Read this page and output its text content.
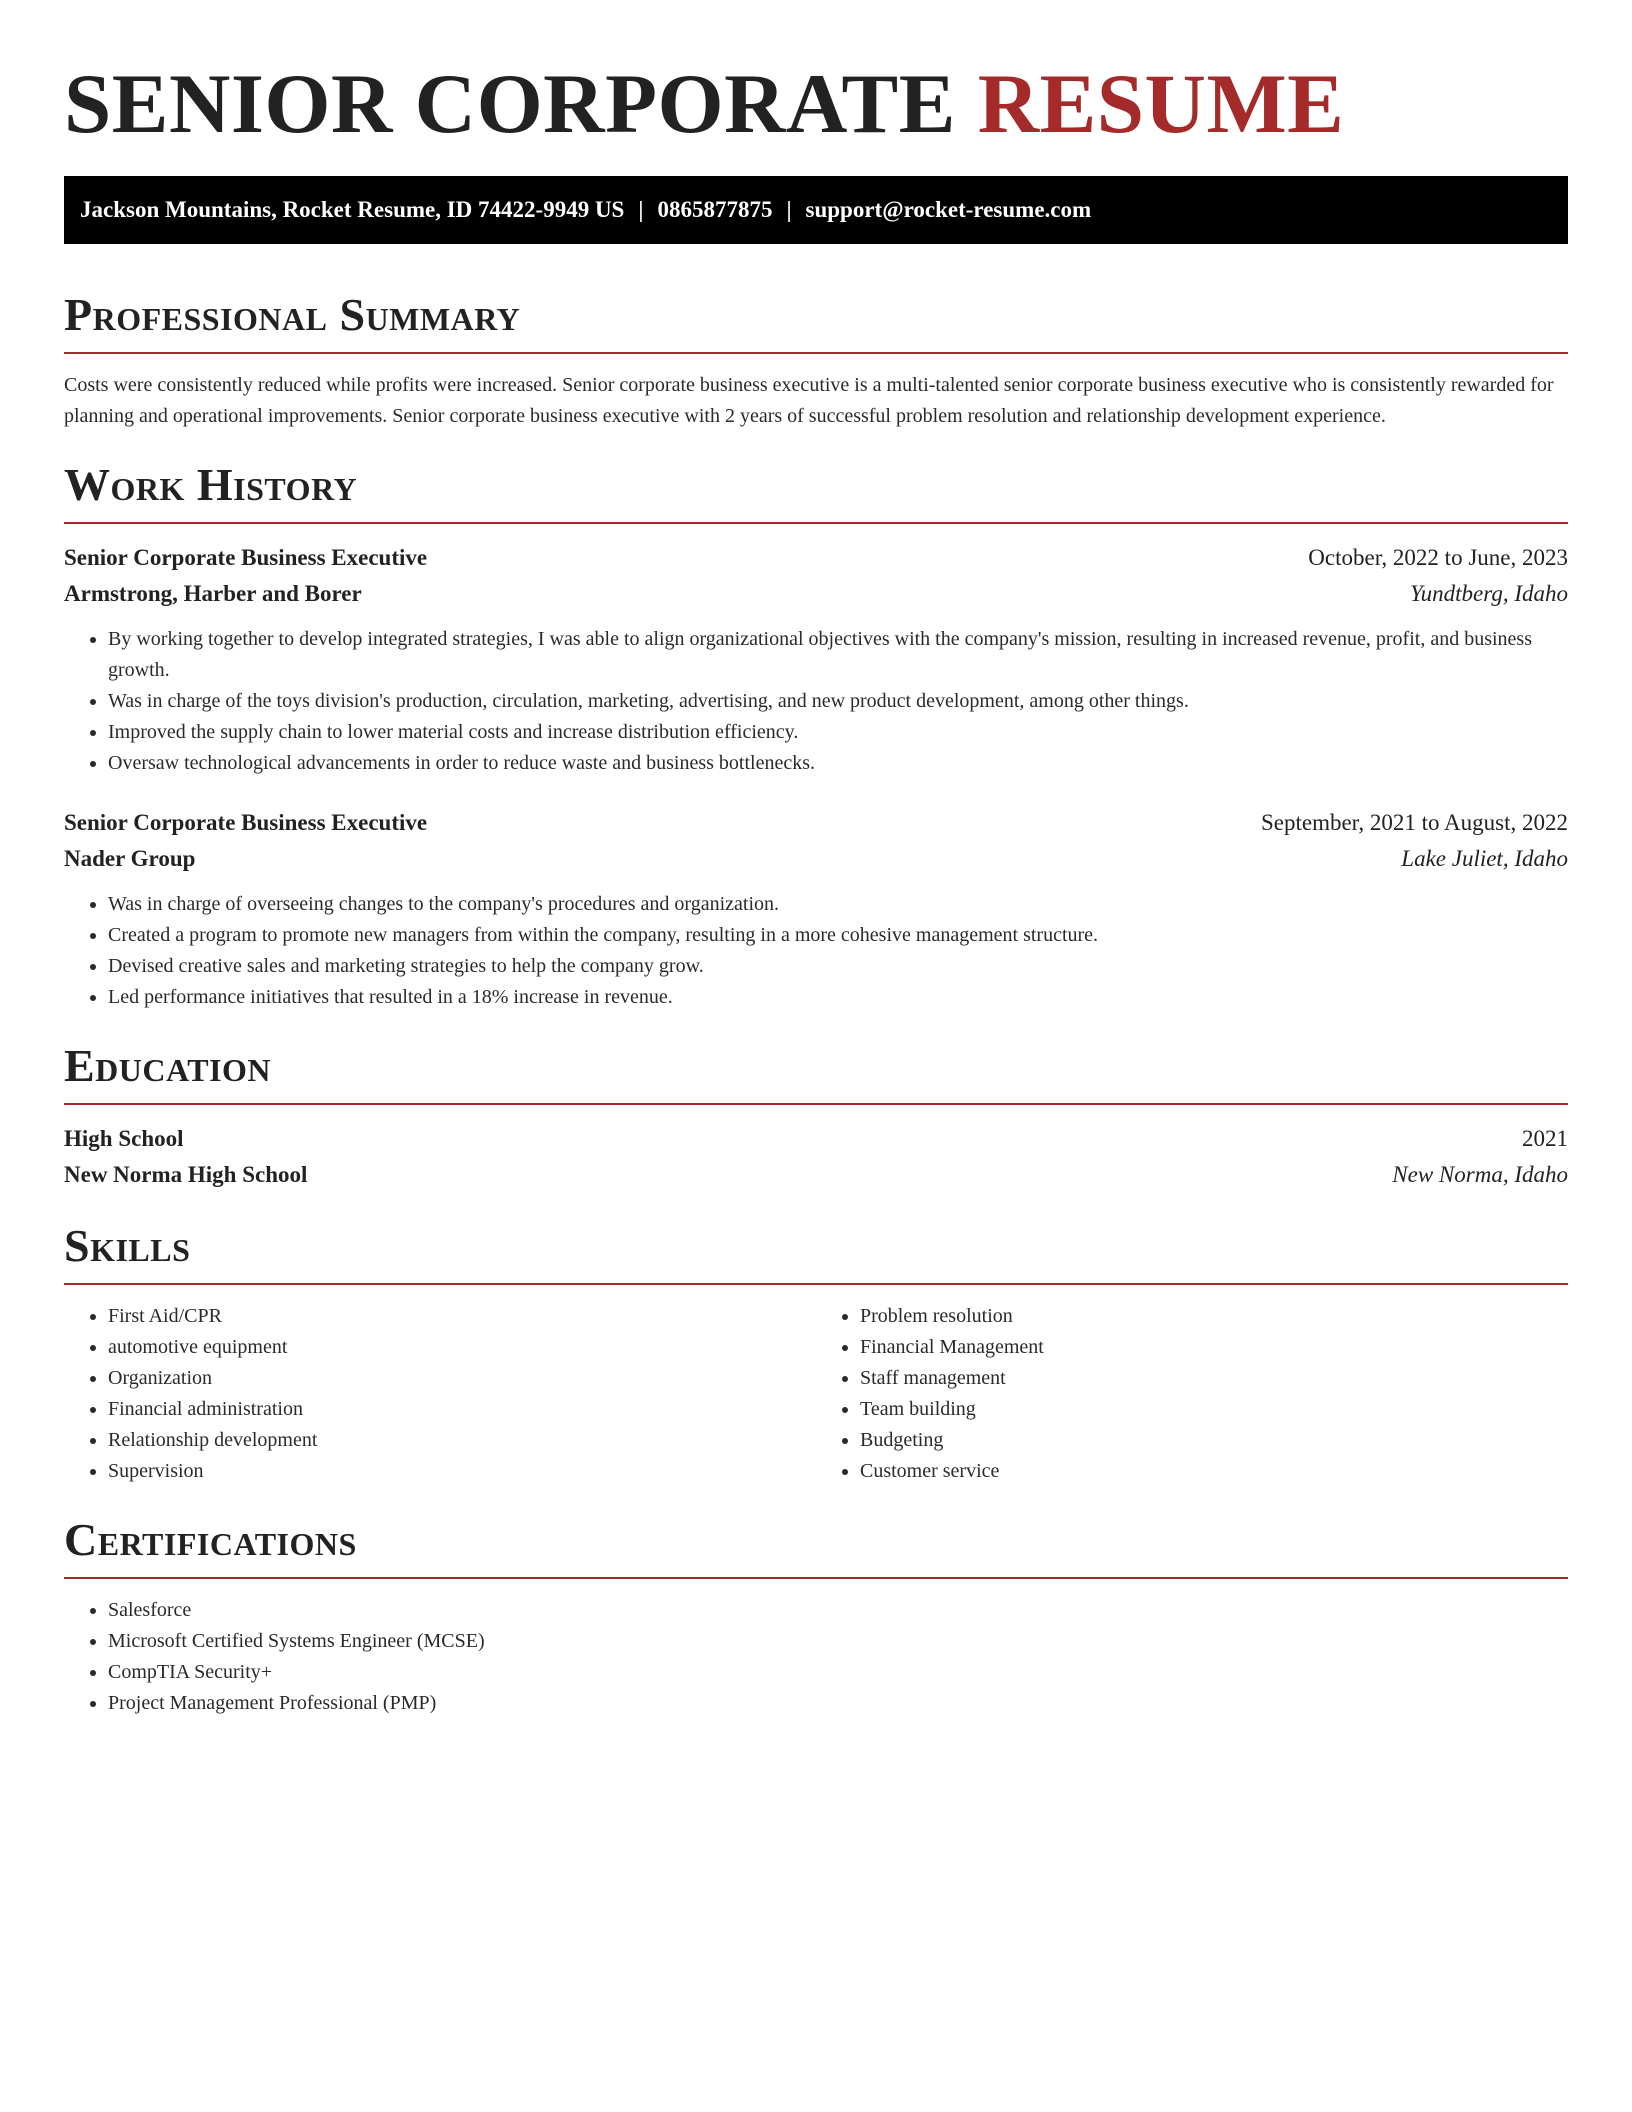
SENIOR CORPORATE RESUME
Jackson Mountains, Rocket Resume, ID 74422-9949 US | 0865877875 | support@rocket-resume.com
Professional Summary

Costs were consistently reduced while profits were increased. Senior corporate business executive is a multi-talented senior corporate business executive who is consistently rewarded for planning and operational improvements. Senior corporate business executive with 2 years of successful problem resolution and relationship development experience.

Work History
Senior Corporate Business Executive	October, 2022 to June, 2023
Armstrong, Harber and Borer	Yundtberg, Idaho
• By working together to develop integrated strategies, I was able to align organizational objectives with the company's mission, resulting in increased revenue, profit, and business growth.
• Was in charge of the toys division's production, circulation, marketing, advertising, and new product development, among other things.
• Improved the supply chain to lower material costs and increase distribution efficiency.
• Oversaw technological advancements in order to reduce waste and business bottlenecks.
Senior Corporate Business Executive	September, 2021 to August, 2022
Nader Group	Lake Juliet, Idaho
• Was in charge of overseeing changes to the company's procedures and organization.
• Created a program to promote new managers from within the company, resulting in a more cohesive management structure.
• Devised creative sales and marketing strategies to help the company grow.
• Led performance initiatives that resulted in a 18% increase in revenue.
Education
High School	2021
New Norma High School	New Norma, Idaho
Skills
• First Aid/CPR
• automotive equipment
• Organization
• Financial administration
• Relationship development
• Supervision
• Problem resolution
• Financial Management
• Staff management
• Team building
• Budgeting
• Customer service
Certifications
• Salesforce
• Microsoft Certified Systems Engineer (MCSE)
• CompTIA Security+
• Project Management Professional (PMP)
